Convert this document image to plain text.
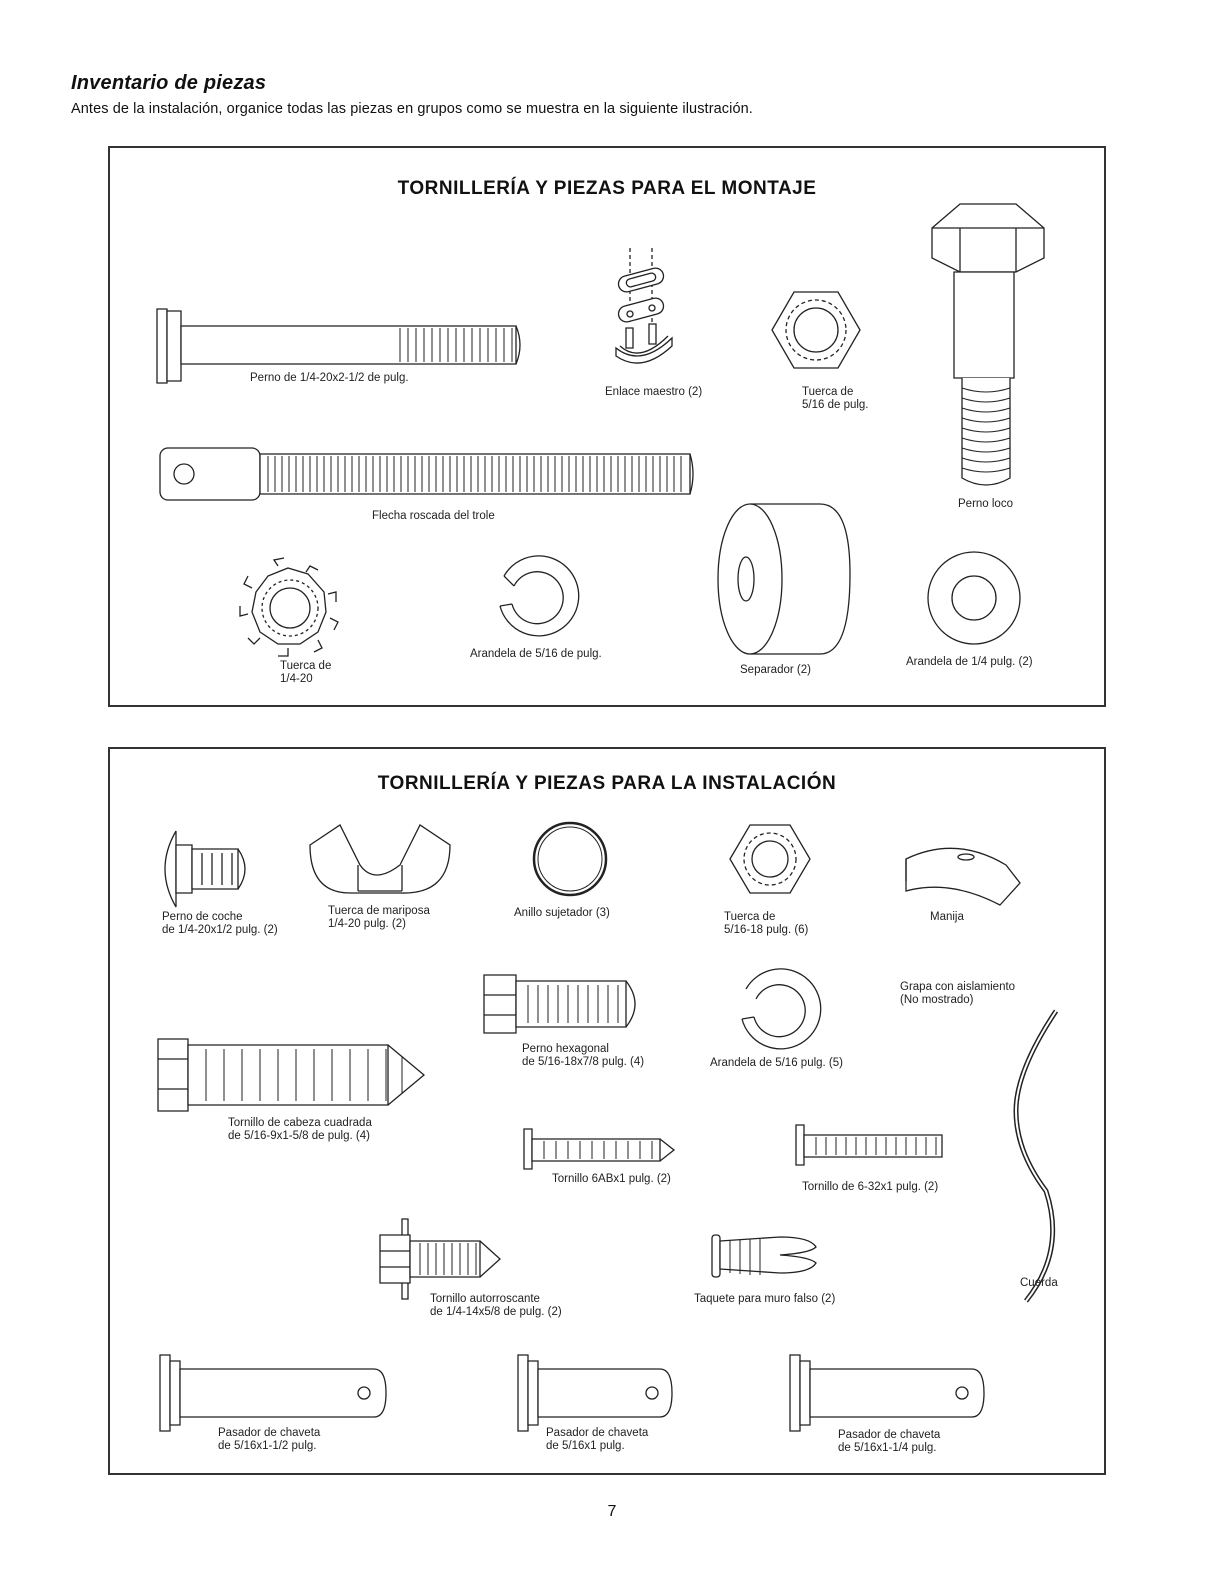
Inventario de piezas
Antes de la instalación, organice todas las piezas en grupos como se muestra en la siguiente ilustración.
TORNILLERÍA Y PIEZAS PARA EL MONTAJE
Perno de 1/4-20x2-1/2 de pulg.
Enlace maestro (2)	Tuerca de
5/16 de pulg.
Perno loco
Flecha roscada del trole
Tuerca de
1/4-20
Arandela de 5/16 de pulg.
Separador (2)
Arandela de 1/4 pulg. (2)
TORNILLERÍA Y PIEZAS PARA LA INSTALACIÓN
Perno de coche
de 1/4-20x1/2 pulg. (2)
Tuerca de mariposa
1/4-20 pulg. (2)
Anillo sujetador (3)	Tuerca de
5/16-18 pulg. (6)
Manija
Grapa con aislamiento
(No mostrado)
Perno hexagonal
de 5/16-18x7/8 pulg. (4)	Arandela de 5/16 pulg. (5)
Tornillo de cabeza cuadrada
de 5/16-9x1-5/8 de pulg. (4)
Tornillo 6ABx1 pulg. (2)
Tornillo de 6-32x1 pulg. (2)
Tornillo autorroscante
de 1/4-14x5/8 de pulg. (2)
Taquete para muro falso (2)
Cuerda
Pasador de chaveta
de 5/16x1-1/2 pulg.
Pasador de chaveta
de 5/16x1 pulg.
Pasador de chaveta
de 5/16x1-1/4 pulg.
7
